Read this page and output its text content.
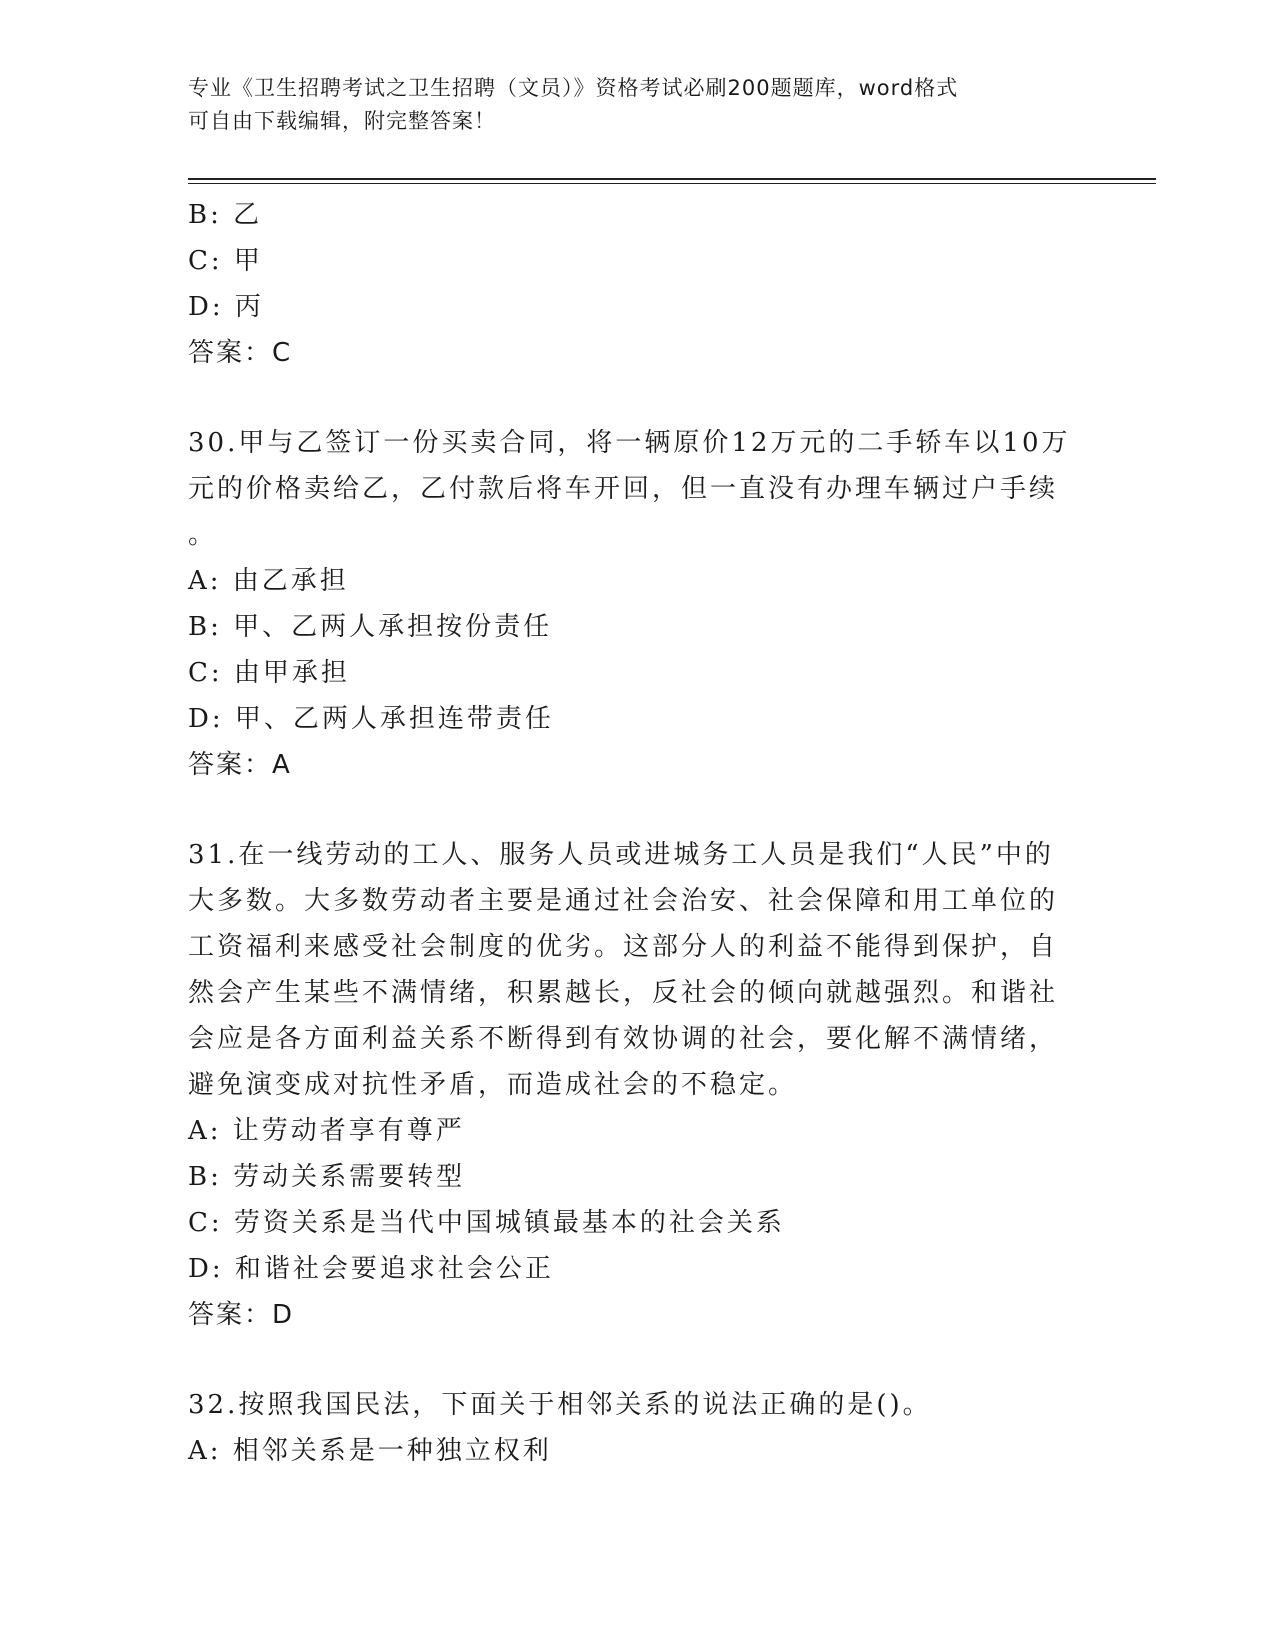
专业《卫生招聘考试之卫生招聘（文员）》资格考试必刷200题题库，word格式
可自由下载编辑，附完整答案！
B: 乙
C: 甲
D: 丙
答案：C
30.甲与乙签订一份买卖合同，将一辆原价12万元的二手轿车以10万
元的价格卖给乙，乙付款后将车开回，但一直没有办理车辆过户手续
。
A: 由乙承担
B: 甲、乙两人承担按份责任
C: 由甲承担
D: 甲、乙两人承担连带责任
答案：A
31.在一线劳动的工人、服务人员或进城务工人员是我们“人民”中的
大多数。大多数劳动者主要是通过社会治安、社会保障和用工单位的
工资福利来感受社会制度的优劣。这部分人的利益不能得到保护，自
然会产生某些不满情绪，积累越长，反社会的倾向就越强烈。和谐社
会应是各方面利益关系不断得到有效协调的社会，要化解不满情绪，
避免演变成对抗性矛盾，而造成社会的不稳定。
A: 让劳动者享有尊严
B: 劳动关系需要转型
C: 劳资关系是当代中国城镇最基本的社会关系
D: 和谐社会要追求社会公正
答案：D
32.按照我国民法，下面关于相邻关系的说法正确的是()。
A: 相邻关系是一种独立权利
